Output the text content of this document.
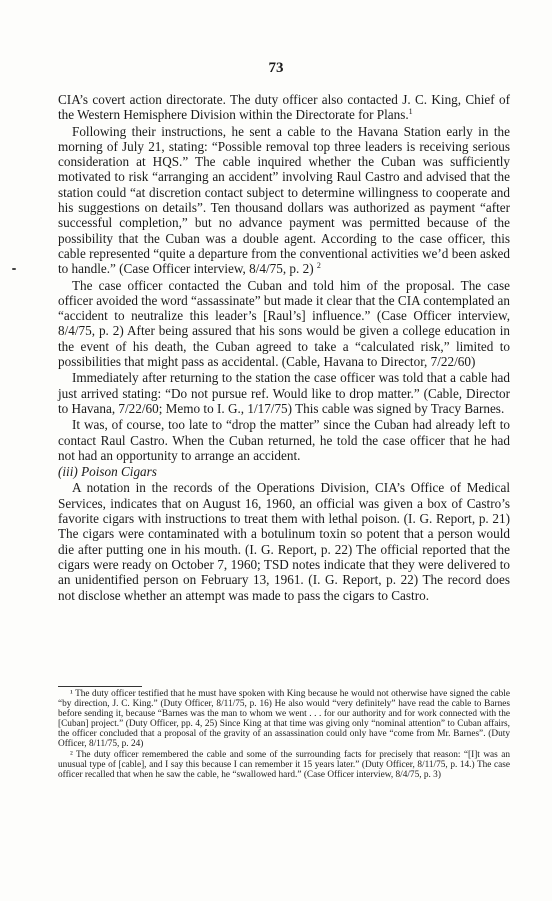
73

CIA’s covert action directorate. The duty officer also contacted J. C. King, Chief of the Western Hemisphere Division within the Directorate for Plans.$^1$

Following their instructions, he sent a cable to the Havana Station early in the morning of July 21, stating: “Possible removal top three leaders is receiving serious consideration at HQS.” The cable inquired whether the Cuban was sufficiently motivated to risk “arranging an accident” involving Raul Castro and advised that the station could “at discretion contact subject to determine willingness to cooperate and his suggestions on details”. Ten thousand dollars was authorized as payment “after successful completion,” but no advance payment was permitted because of the possibility that the Cuban was a double agent. According to the case officer, this cable represented “quite a departure from the conventional activities we’d been asked to handle.” (Case Officer interview, 8/4/75, p. 2) $^2$

The case officer contacted the Cuban and told him of the proposal. The case officer avoided the word “assassinate” but made it clear that the CIA contemplated an “accident to neutralize this leader’s [Raul’s] influence.” (Case Officer interview, 8/4/75, p. 2) After being assured that his sons would be given a college education in the event of his death, the Cuban agreed to take a “calculated risk,” limited to possibilities that might pass as accidental. (Cable, Havana to Director, 7/22/60)

Immediately after returning to the station the case officer was told that a cable had just arrived stating: “Do not pursue ref. Would like to drop matter.” (Cable, Director to Havana, 7/22/60; Memo to I. G., 1/17/75) This cable was signed by Tracy Barnes.

It was, of course, too late to “drop the matter” since the Cuban had already left to contact Raul Castro. When the Cuban returned, he told the case officer that he had not had an opportunity to arrange an accident.

(iii) Poison Cigars

A notation in the records of the Operations Division, CIA’s Office of Medical Services, indicates that on August 16, 1960, an official was given a box of Castro’s favorite cigars with instructions to treat them with lethal poison. (I. G. Report, p. 21) The cigars were contaminated with a botulinum toxin so potent that a person would die after putting one in his mouth. (I. G. Report, p. 22) The official reported that the cigars were ready on October 7, 1960; TSD notes indicate that they were delivered to an unidentified person on February 13, 1961. (I. G. Report, p. 22) The record does not disclose whether an attempt was made to pass the cigars to Castro.

¹ The duty officer testified that he must have spoken with King because he would not otherwise have signed the cable “by direction, J. C. King.” (Duty Officer, 8/11/75, p. 16) He also would “very definitely” have read the cable to Barnes before sending it, because “Barnes was the man to whom we went . . . for our authority and for work connected with the [Cuban] project.” (Duty Officer, pp. 4, 25) Since King at that time was giving only “nominal attention” to Cuban affairs, the officer concluded that a proposal of the gravity of an assassination could only have “come from Mr. Barnes”. (Duty Officer, 8/11/75, p. 24)

² The duty officer remembered the cable and some of the surrounding facts for precisely that reason: “[I]t was an unusual type of [cable], and I say this because I can remember it 15 years later.” (Duty Officer, 8/11/75, p. 14.) The case officer recalled that when he saw the cable, he “swallowed hard.” (Case Officer interview, 8/4/75, p. 3)
